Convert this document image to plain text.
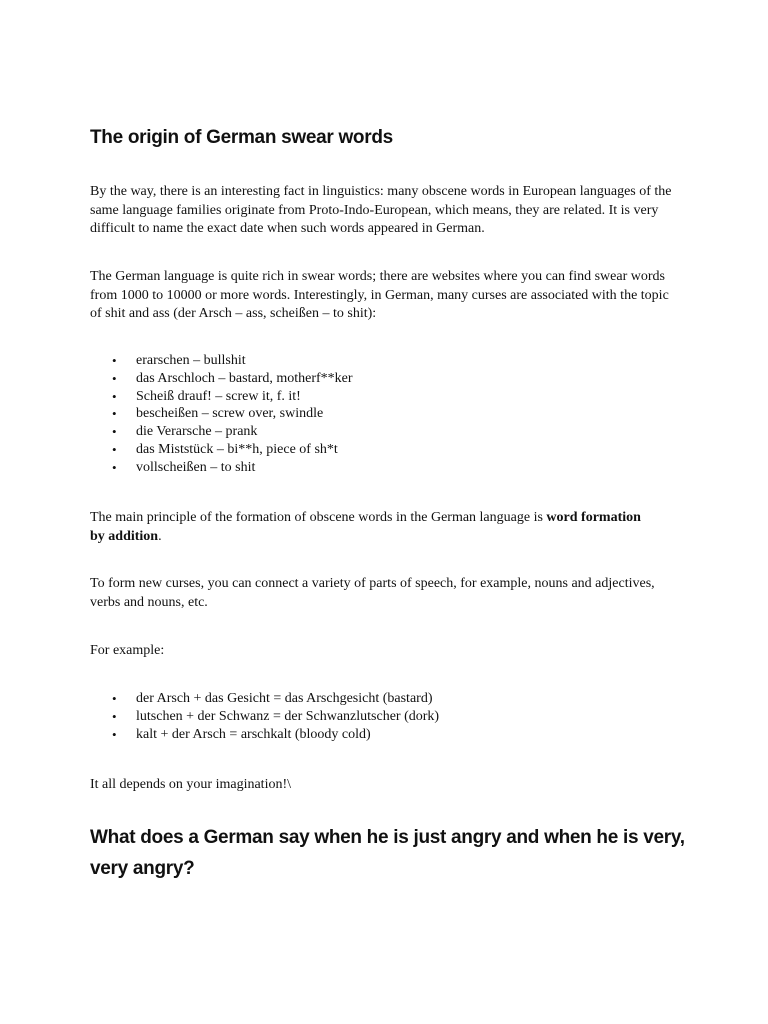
The origin of German swear words

By the way, there is an interesting fact in linguistics: many obscene words in European languages of the same language families originate from Proto-Indo-European, which means, they are related. It is very difficult to name the exact date when such words appeared in German.

The German language is quite rich in swear words; there are websites where you can find swear words from 1000 to 10000 or more words. Interestingly, in German, many curses are associated with the topic of shit and ass (der Arsch – ass, scheißen – to shit):

• erarschen – bullshit
• das Arschloch – bastard, motherf**ker
• Scheiß drauf! – screw it, f. it!
• bescheißen – screw over, swindle
• die Verarsche – prank
• das Miststück – bi**h, piece of sh*t
• vollscheißen – to shit

The main principle of the formation of obscene words in the German language is word formation by addition.

To form new curses, you can connect a variety of parts of speech, for example, nouns and adjectives, verbs and nouns, etc.

For example:

• der Arsch + das Gesicht = das Arschgesicht (bastard)
• lutschen + der Schwanz = der Schwanzlutscher (dork)
• kalt + der Arsch = arschkalt (bloody cold)

It all depends on your imagination!\

What does a German say when he is just angry and when he is very, very angry?
